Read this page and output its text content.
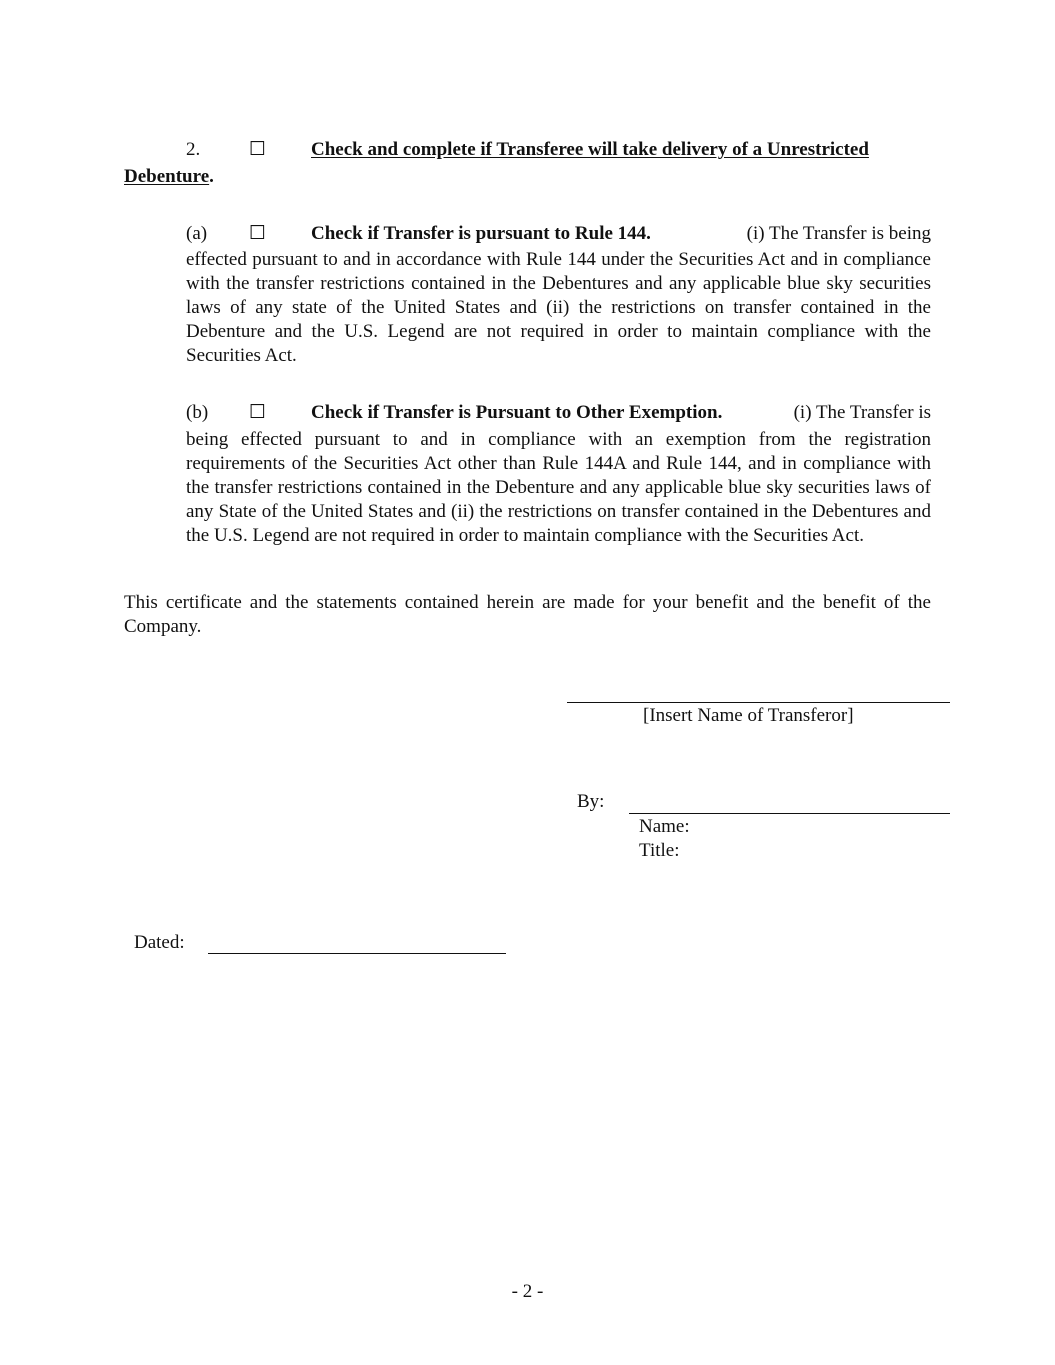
2.	☐ Check and complete if Transferee will take delivery of a Unrestricted
Debenture.
(a) ☐ Check if Transfer is pursuant to Rule 144.	(i) The Transfer is being
effected pursuant to and in accordance with Rule 144 under the Securities Act and in compliance with the transfer restrictions contained in the Debentures and any applicable blue sky securities laws of any state of the United States and (ii) the restrictions on transfer contained in the Debenture and the U.S. Legend are not required in order to maintain compliance with the Securities Act.
(b) ☐ Check if Transfer is Pursuant to Other Exemption.	(i) The Transfer is
being effected pursuant to and in compliance with an exemption from the registration requirements of the Securities Act other than Rule 144A and Rule 144, and in compliance with the transfer restrictions contained in the Debenture and any applicable blue sky securities laws of any State of the United States and (ii) the restrictions on transfer contained in the Debentures and the U.S. Legend are not required in order to maintain compliance with the Securities Act.
This certificate and the statements contained herein are made for your benefit and the benefit of the Company.
[Insert Name of Transferor]
By:
Name:
Title:
Dated:
- 2 -
